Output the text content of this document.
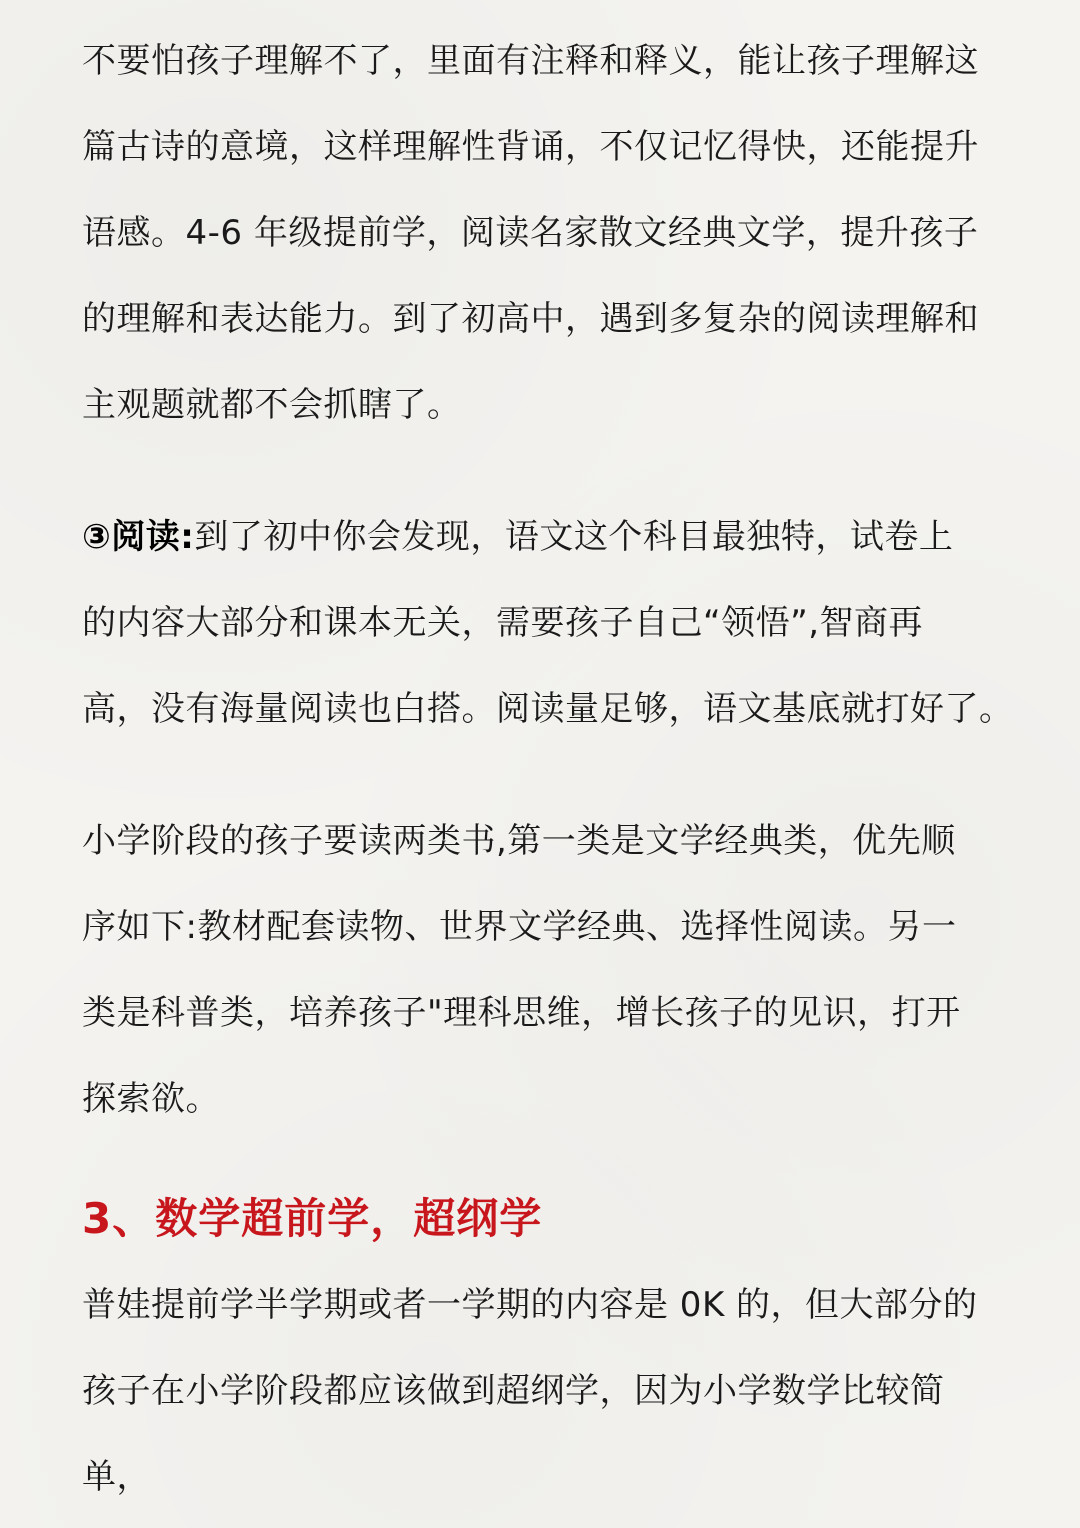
不要怕孩子理解不了，里面有注释和释义，能让孩子理解这
篇古诗的意境，这样理解性背诵，不仅记忆得快，还能提升
语感。4-6 年级提前学，阅读名家散文经典文学，提升孩子
的理解和表达能力。到了初高中，遇到多复杂的阅读理解和
主观题就都不会抓瞎了。
③阅读:到了初中你会发现，语文这个科目最独特，试卷上
的内容大部分和课本无关，需要孩子自己“领悟”,智商再
高，没有海量阅读也白搭。阅读量足够，语文基底就打好了。
小学阶段的孩子要读两类书,第一类是文学经典类，优先顺
序如下:教材配套读物、世界文学经典、选择性阅读。另一
类是科普类，培养孩子"理科思维，增长孩子的见识，打开
探索欲。
3、数学超前学，超纲学
普娃提前学半学期或者一学期的内容是 0K 的，但大部分的
孩子在小学阶段都应该做到超纲学，因为小学数学比较简
单，
